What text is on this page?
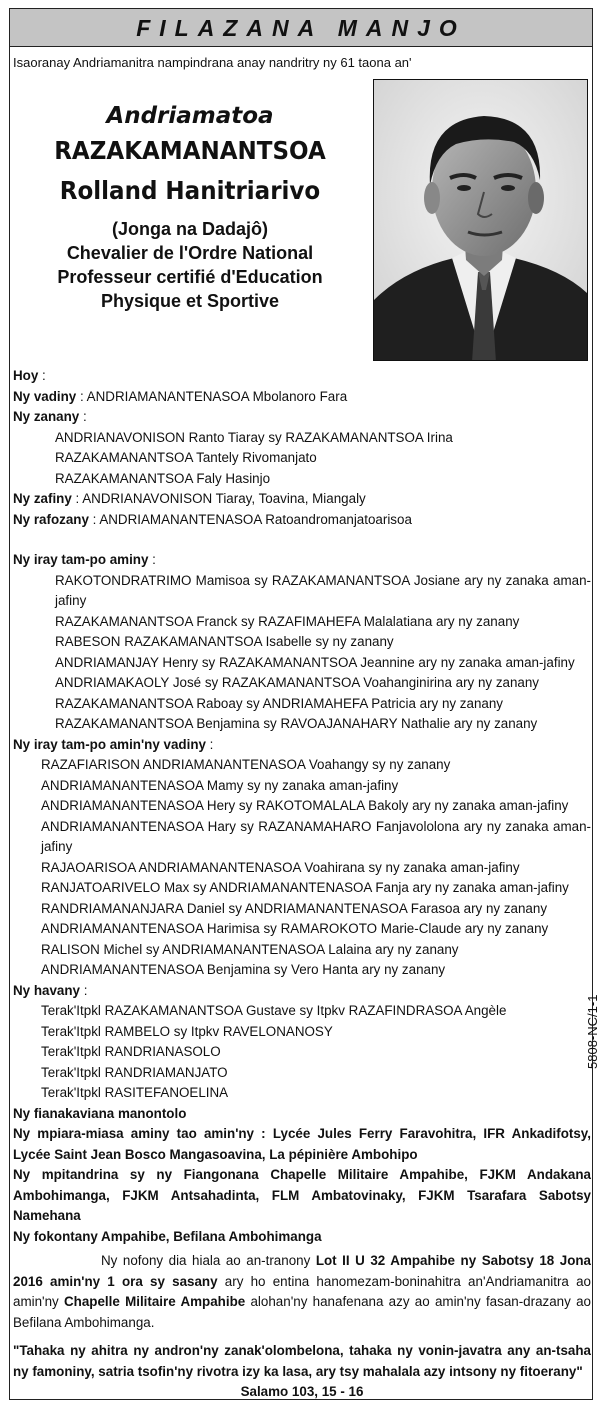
FILAZANA MANJO
Isaoranay Andriamanitra nampindrana anay nandritry ny 61 taona an'
Andriamatoa
RAZAKAMANANTSOA
Rolland Hanitriarivo
(Jonga na Dadajô)
Chevalier de l'Ordre National
Professeur certifié d'Education
Physique et Sportive
Hoy :
Ny vadiny : ANDRIAMANANTENASOA Mbolanoro Fara
Ny zanany :
ANDRIANAVONISON Ranto Tiaray sy RAZAKAMANANTSOA Irina
RAZAKAMANANTSOA Tantely Rivomanjato
RAZAKAMANANTSOA Faly Hasinjo
Ny zafiny : ANDRIANAVONISON Tiaray, Toavina, Miangaly
Ny rafozany : ANDRIAMANANTENASOA Ratoandromanjatoarisoa
Ny iray tam-po aminy :
RAKOTONDRATRIMO Mamisoa sy RAZAKAMANANTSOA Josiane ary ny zanaka aman-jafiny
RAZAKAMANANTSOA Franck sy RAZAFIMAHEFA Malalatiana ary ny zanany
RABESON RAZAKAMANANTSOA Isabelle sy ny zanany
ANDRIAMANJAY Henry sy RAZAKAMANANTSOA Jeannine ary ny zanaka aman-jafiny
ANDRIAMAKAOLY José sy RAZAKAMANANTSOA Voahanginirina ary ny zanany
RAZAKAMANANTSOA Raboay sy ANDRIAMAHEFA Patricia ary ny zanany
RAZAKAMANANTSOA Benjamina sy RAVOAJANAHARY Nathalie ary ny zanany
Ny iray tam-po amin'ny vadiny :
RAZAFIARISON ANDRIAMANANTENASOA Voahangy sy ny zanany
ANDRIAMANANTENASOA Mamy sy ny zanaka aman-jafiny
ANDRIAMANANTENASOA Hery sy RAKOTOMALALA Bakoly ary ny zanaka aman-jafiny
ANDRIAMANANTENASOA Hary sy RAZANAMAHARO Fanjavololona ary ny zanaka aman-jafiny
RAJAOARISOA ANDRIAMANANTENASOA Voahirana sy ny zanaka aman-jafiny
RANJATOARIVELO Max sy ANDRIAMANANTENASOA Fanja ary ny zanaka aman-jafiny
RANDRIAMANANJARA Daniel sy ANDRIAMANANTENASOA Farasoa ary ny zanany
ANDRIAMANANTENASOA Harimisa sy RAMAROKOTO Marie-Claude ary ny zanany
RALISON Michel sy ANDRIAMANANTENASOA Lalaina ary ny zanany
ANDRIAMANANTENASOA Benjamina sy Vero Hanta ary ny zanany
Ny havany :
Terak'Itpkl RAZAKAMANANTSOA Gustave sy Itpkv RAZAFINDRASOA Angèle
Terak'Itpkl RAMBELO sy Itpkv RAVELONANOSY
Terak'Itpkl RANDRIANASOLO
Terak'Itpkl RANDRIAMANJATO
Terak'Itpkl RASITEFANOELINA
Ny fianakaviana manontolo
Ny mpiara-miasa aminy tao amin'ny : Lycée Jules Ferry Faravohitra, IFR Ankadifotsy, Lycée Saint Jean Bosco Mangasoavina, La pépinière Ambohipo
Ny mpitandrina sy ny Fiangonana Chapelle Militaire Ampahibe, FJKM Andakana Ambohimanga, FJKM Antsahadinta, FLM Ambatovinaky, FJKM Tsarafara Sabotsy Namehana
Ny fokontany Ampahibe, Befilana Ambohimanga
Ny nofony dia hiala ao an-tranony Lot II U 32 Ampahibe ny Sabotsy 18 Jona 2016 amin'ny 1 ora sy sasany ary ho entina hanomezam-boninahitra an'Andriamanitra ao amin'ny Chapelle Militaire Ampahibe alohan'ny hanafenana azy ao amin'ny fasan-drazany ao Befilana Ambohimanga.
"Tahaka ny ahitra ny andron'ny zanak'olombelona, tahaka ny vonin-javatra any an-tsaha ny famoniny, satria tsofin'ny rivotra izy ka lasa, ary tsy mahalala azy intsony ny fitoerany"
Salamo 103, 15 - 16
5808-NC/1-1
